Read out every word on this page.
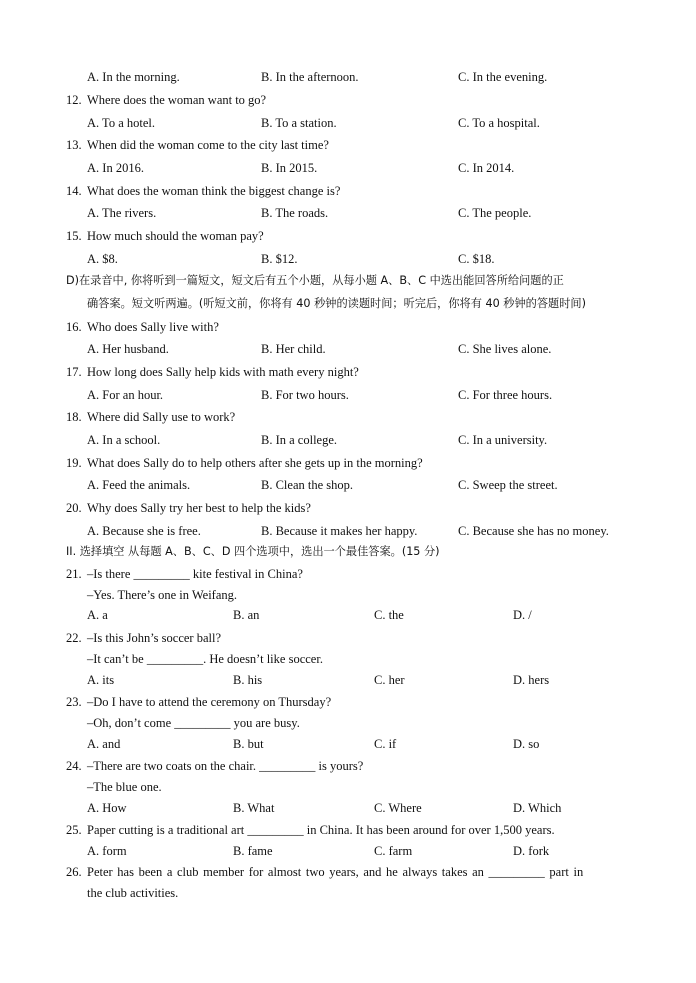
A. In the morning.	B. In the afternoon.	C. In the evening.
12. Where does the woman want to go?
A. To a hotel.	B. To a station.	C. To a hospital.
13. When did the woman come to the city last time?
A. In 2016.	B. In 2015.	C. In 2014.
14. What does the woman think the biggest change is?
A. The rivers.	B. The roads.	C. The people.
15. How much should the woman pay?
A. $8.	B. $12.	C. $18.
D)在录音中, 你将听到一篇短文，短文后有五个小题，从每小题 A、B、C 中选出能回答所给问题的正
确答案。短文听两遍。(听短文前，你将有 40 秒钟的读题时间；听完后，你将有 40 秒钟的答题时间)
16. Who does Sally live with?
A. Her husband.	B. Her child.	C. She lives alone.
17. How long does Sally help kids with math every night?
A. For an hour.	B. For two hours.	C. For three hours.
18. Where did Sally use to work?
A. In a school.	B. In a college.	C. In a university.
19. What does Sally do to help others after she gets up in the morning?
A. Feed the animals.	B. Clean the shop.	C. Sweep the street.
20. Why does Sally try her best to help the kids?
A. Because she is free.	B. Because it makes her happy.	C. Because she has no money.
II. 选择填空 从每题 A、B、C、D 四个选项中，选出一个最佳答案。(15 分)
21. –Is there _________ kite festival in China?
–Yes. There’s one in Weifang.
A. a	B. an	C. the	D. /
22. –Is this John’s soccer ball?
–It can’t be _________. He doesn’t like soccer.
A. its	B. his	C. her	D. hers
23. –Do I have to attend the ceremony on Thursday?
–Oh, don’t come _________ you are busy.
A. and	B. but	C. if	D. so
24. –There are two coats on the chair. _________ is yours?
–The blue one.
A. How	B. What	C. Where	D. Which
25. Paper cutting is a traditional art _________ in China. It has been around for over 1,500 years.
A. form	B. fame	C. farm	D. fork
26. Peter has been a club member for almost two years, and he always takes an _________ part in
the club activities.
